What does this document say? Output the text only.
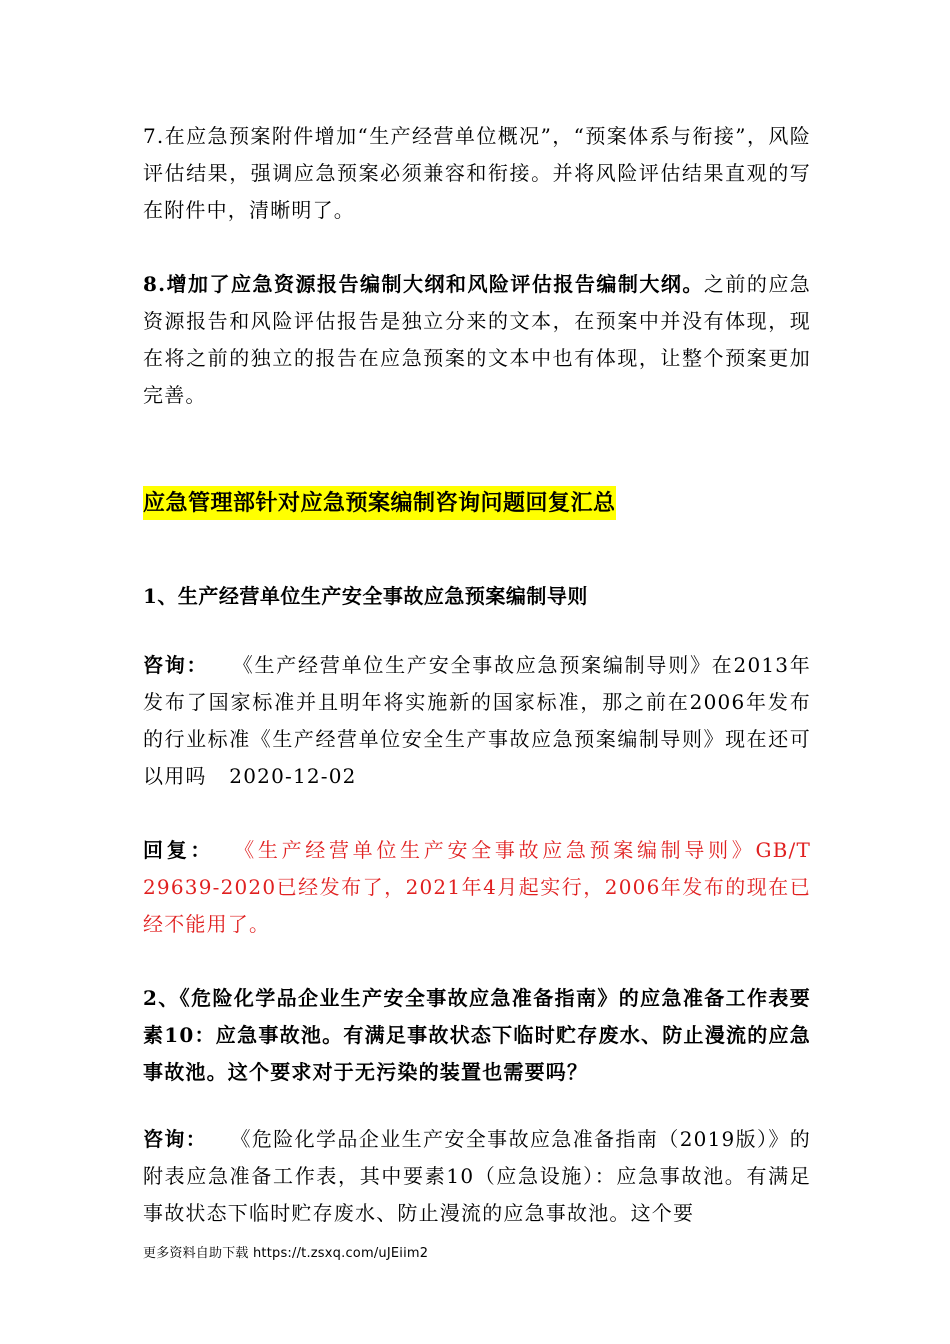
7.在应急预案附件增加“生产经营单位概况”，“预案体系与衔接”，风险评估结果，强调应急预案必须兼容和衔接。并将风险评估结果直观的写在附件中，清晰明了。

8.增加了应急资源报告编制大纲和风险评估报告编制大纲。之前的应急资源报告和风险评估报告是独立分来的文本，在预案中并没有体现，现在将之前的独立的报告在应急预案的文本中也有体现，让整个预案更加完善。

应急管理部针对应急预案编制咨询问题回复汇总

1、生产经营单位生产安全事故应急预案编制导则

咨询： 《生产经营单位生产安全事故应急预案编制导则》在2013年发布了国家标准并且明年将实施新的国家标准，那之前在2006年发布的行业标准《生产经营单位安全生产事故应急预案编制导则》现在还可以用吗 2020-12-02

回复： 《生产经营单位生产安全事故应急预案编制导则》GB/T 29639-2020已经发布了，2021年4月起实行，2006年发布的现在已经不能用了。

2、《危险化学品企业生产安全事故应急准备指南》的应急准备工作表要素10：应急事故池。有满足事故状态下临时贮存废水、防止漫流的应急事故池。这个要求对于无污染的装置也需要吗？

咨询： 《危险化学品企业生产安全事故应急准备指南（2019版）》的附表应急准备工作表，其中要素10（应急设施）：应急事故池。有满足事故状态下临时贮存废水、防止漫流的应急事故池。这个要

更多资料自助下载 https://t.zsxq.com/uJEiim2
